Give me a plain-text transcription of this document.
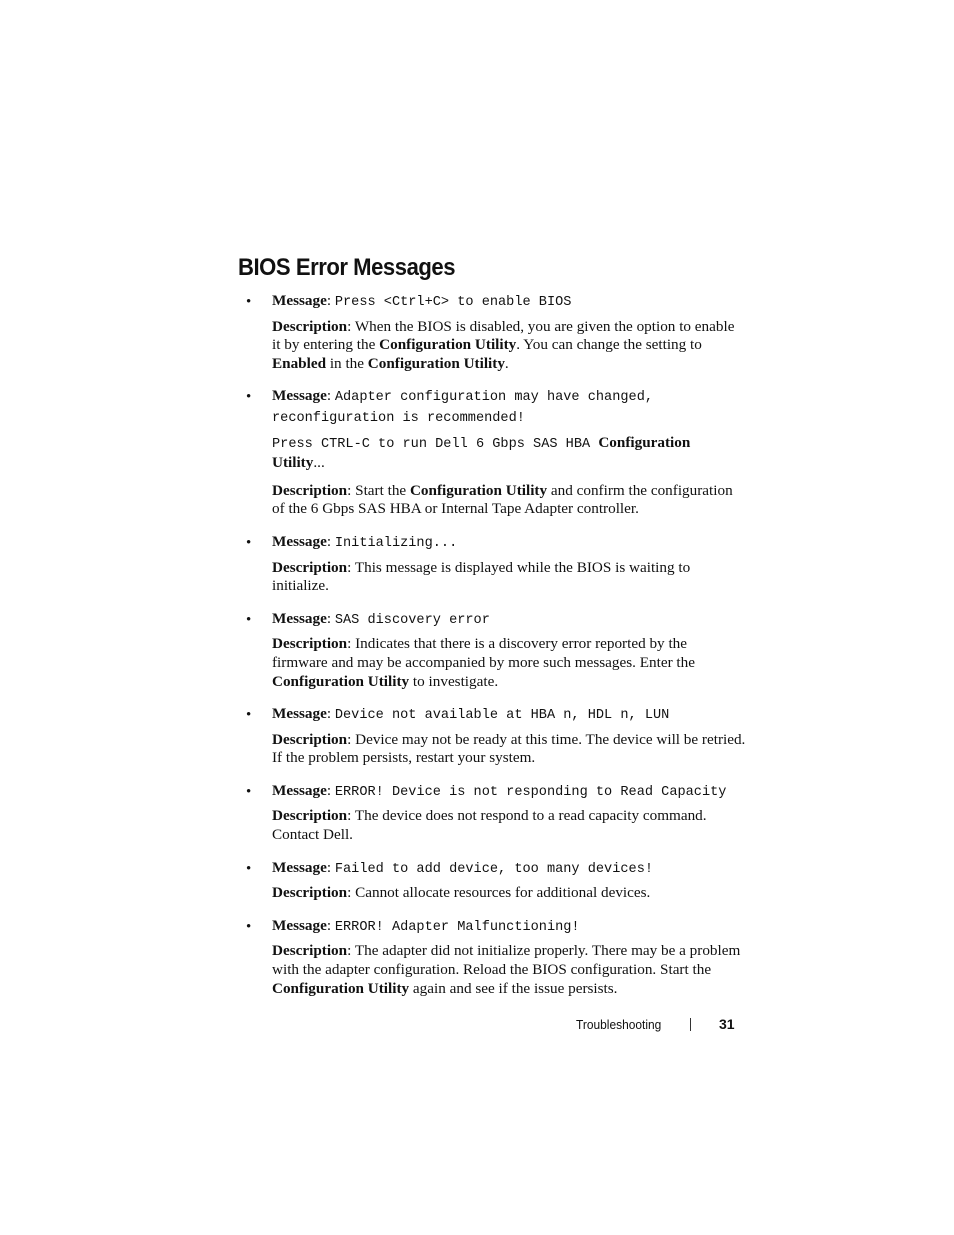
BIOS Error Messages
• Message: Press <Ctrl+C> to enable BIOS
Description: When the BIOS is disabled, you are given the option to enable it by entering the Configuration Utility. You can change the setting to Enabled in the Configuration Utility.
• Message: Adapter configuration may have changed, reconfiguration is recommended!
Press CTRL-C to run Dell 6 Gbps SAS HBA Configuration Utility...
Description: Start the Configuration Utility and confirm the configuration of the 6 Gbps SAS HBA or Internal Tape Adapter controller.
• Message: Initializing...
Description: This message is displayed while the BIOS is waiting to initialize.
• Message: SAS discovery error
Description: Indicates that there is a discovery error reported by the firmware and may be accompanied by more such messages. Enter the Configuration Utility to investigate.
• Message: Device not available at HBA n, HDL n, LUN
Description: Device may not be ready at this time. The device will be retried. If the problem persists, restart your system.
• Message: ERROR! Device is not responding to Read Capacity
Description: The device does not respond to a read capacity command. Contact Dell.
• Message: Failed to add device, too many devices!
Description: Cannot allocate resources for additional devices.
• Message: ERROR! Adapter Malfunctioning!
Description: The adapter did not initialize properly. There may be a problem with the adapter configuration. Reload the BIOS configuration. Start the Configuration Utility again and see if the issue persists.
Troubleshooting	31
